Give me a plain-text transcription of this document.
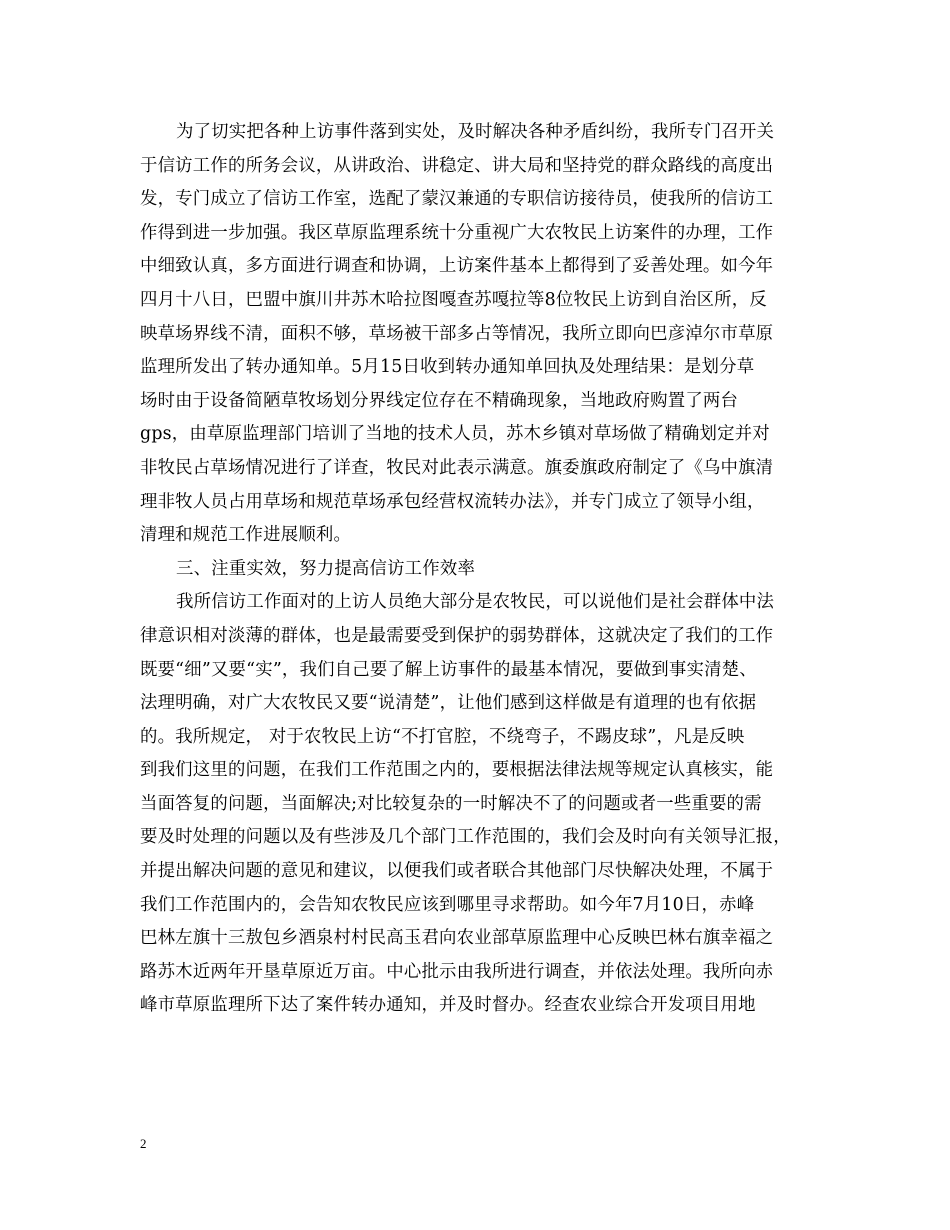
为了切实把各种上访事件落到实处，及时解决各种矛盾纠纷，我所专门召开关
于信访工作的所务会议，从讲政治、讲稳定、讲大局和坚持党的群众路线的高度出
发，专门成立了信访工作室，选配了蒙汉兼通的专职信访接待员，使我所的信访工
作得到进一步加强。我区草原监理系统十分重视广大农牧民上访案件的办理，工作
中细致认真，多方面进行调查和协调，上访案件基本上都得到了妥善处理。如今年
四月十八日，巴盟中旗川井苏木哈拉图嘎查苏嘎拉等8位牧民上访到自治区所，反
映草场界线不清，面积不够，草场被干部多占等情况，我所立即向巴彦淖尔市草原
监理所发出了转办通知单。5月15日收到转办通知单回执及处理结果：是划分草
场时由于设备简陋草牧场划分界线定位存在不精确现象，当地政府购置了两台
gps，由草原监理部门培训了当地的技术人员，苏木乡镇对草场做了精确划定并对
非牧民占草场情况进行了详查，牧民对此表示满意。旗委旗政府制定了《乌中旗清
理非牧人员占用草场和规范草场承包经营权流转办法》，并专门成立了领导小组，
清理和规范工作进展顺利。
三、注重实效，努力提高信访工作效率
我所信访工作面对的上访人员绝大部分是农牧民，可以说他们是社会群体中法
律意识相对淡薄的群体，也是最需要受到保护的弱势群体，这就决定了我们的工作
既要“细”又要“实”，我们自己要了解上访事件的最基本情况，要做到事实清楚、
法理明确，对广大农牧民又要“说清楚”，让他们感到这样做是有道理的也有依据
的。我所规定， 对于农牧民上访“不打官腔，不绕弯子，不踢皮球”，凡是反映
到我们这里的问题，在我们工作范围之内的，要根据法律法规等规定认真核实，能
当面答复的问题，当面解决;对比较复杂的一时解决不了的问题或者一些重要的需
要及时处理的问题以及有些涉及几个部门工作范围的，我们会及时向有关领导汇报，
并提出解决问题的意见和建议，以便我们或者联合其他部门尽快解决处理，不属于
我们工作范围内的，会告知农牧民应该到哪里寻求帮助。如今年7月10日，赤峰
巴林左旗十三敖包乡酒泉村村民高玉君向农业部草原监理中心反映巴林右旗幸福之
路苏木近两年开垦草原近万亩。中心批示由我所进行调查，并依法处理。我所向赤
峰市草原监理所下达了案件转办通知，并及时督办。经查农业综合开发项目用地
2
